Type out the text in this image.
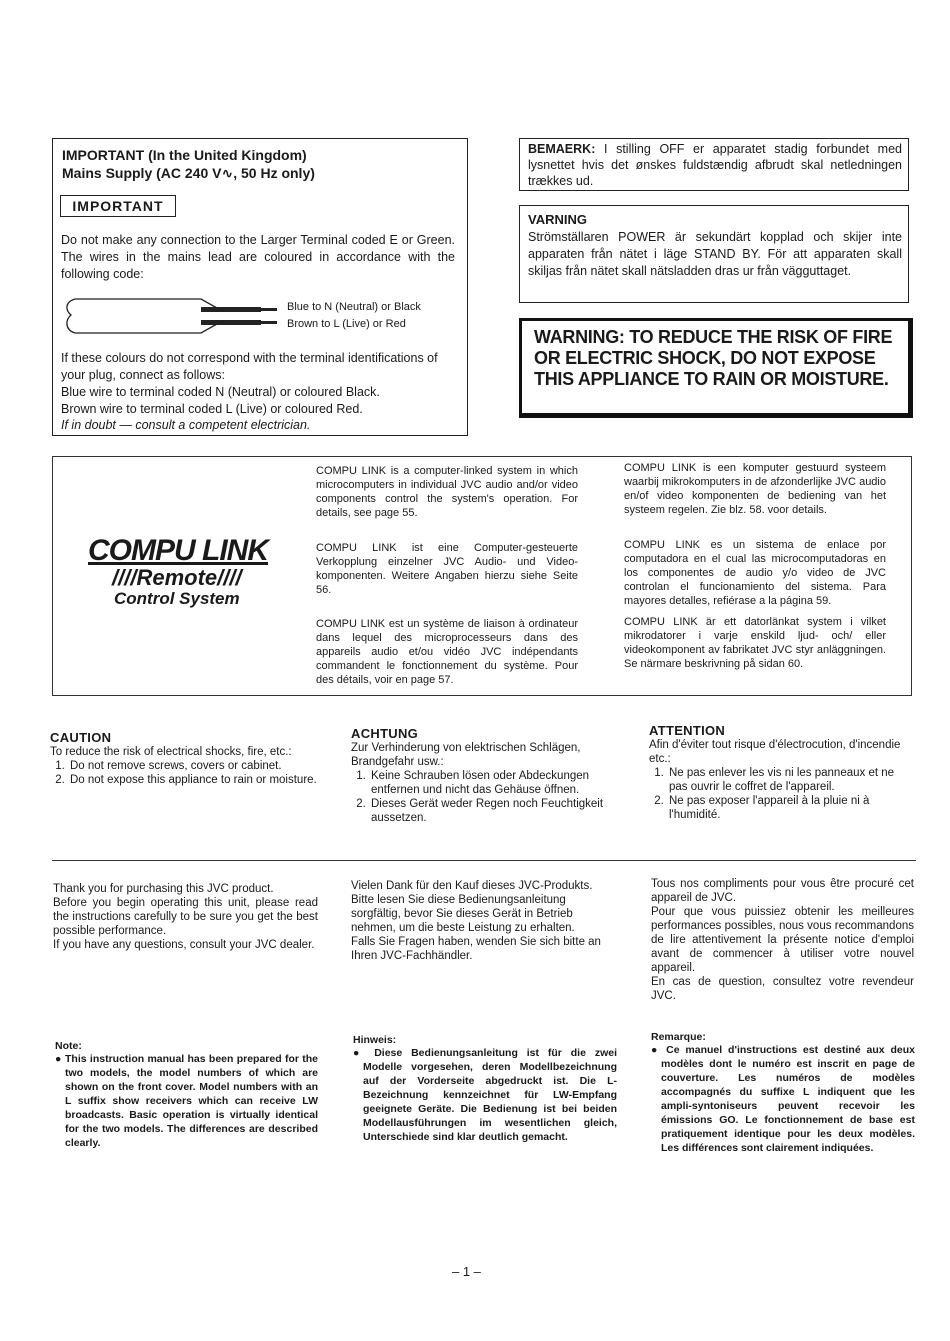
IMPORTANT (In the United Kingdom)
Mains Supply (AC 240 V∿, 50 Hz only)
IMPORTANT

Do not make any connection to the Larger Terminal coded E or Green. The wires in the mains lead are coloured in accordance with the following code:

Blue to N (Neutral) or Black
Brown to L (Live) or Red

If these colours do not correspond with the terminal identifications of your plug, connect as follows:

Blue wire to terminal coded N (Neutral) or coloured Black.

Brown wire to terminal coded L (Live) or coloured Red.

If in doubt — consult a competent electrician.

BEMAERK: I stilling OFF er apparatet stadig forbundet med lysnettet hvis det ønskes fuldstændig afbrudt skal netledningen trækkes ud.

VARNING

Strömställaren POWER är sekundärt kopplad och skijer inte apparaten från nätet i läge STAND BY. För att apparaten skall skiljas från nätet skall nätsladden dras ur från vägguttaget.

WARNING: TO REDUCE THE RISK OF FIRE OR ELECTRIC SHOCK, DO NOT EXPOSE THIS APPLIANCE TO RAIN OR MOISTURE.
COMPU LINK
////Remote////
Control System

COMPU LINK is a computer-linked system in which microcomputers in individual JVC audio and/or video components control the system's operation. For details, see page 55.

COMPU LINK ist eine Computer-gesteuerte Verkopplung einzelner JVC Audio- und Video-komponenten. Weitere Angaben hierzu siehe Seite 56.

COMPU LINK est un système de liaison à ordinateur dans lequel des microprocesseurs dans des appareils audio et/ou vidéo JVC indépendants commandent le fonctionnement du système. Pour des détails, voir en page 57.

COMPU LINK is een komputer gestuurd systeem waarbij mikrokomputers in de afzonderlijke JVC audio en/of video komponenten de bediening van het systeem regelen. Zie blz. 58. voor details.

COMPU LINK es un sistema de enlace por computadora en el cual las microcomputadoras en los componentes de audio y/o video de JVC controlan el funcionamiento del sistema. Para mayores detalles, refiérase a la página 59.

COMPU LINK är ett datorlänkat system i vilket mikrodatorer i varje enskild ljud- och/ eller videokomponent av fabrikatet JVC styr anläggningen. Se närmare beskrivning på sidan 60.

CAUTION

To reduce the risk of electrical shocks, fire, etc.:

1. Do not remove screws, covers or cabinet.
2. Do not expose this appliance to rain or moisture.
ACHTUNG

Zur Verhinderung von elektrischen Schlägen, Brandgefahr usw.:

1. Keine Schrauben lösen oder Abdeckungen entfernen und nicht das Gehäuse öffnen.
2. Dieses Gerät weder Regen noch Feuchtigkeit aussetzen.
ATTENTION

Afin d'éviter tout risque d'électrocution, d'incendie etc.:

1. Ne pas enlever les vis ni les panneaux et ne pas ouvrir le coffret de l'appareil.
2. Ne pas exposer l'appareil à la pluie ni à l'humidité.

Thank you for purchasing this JVC product.

Before you begin operating this unit, please read the instructions carefully to be sure you get the best possible performance.

If you have any questions, consult your JVC dealer.

Vielen Dank für den Kauf dieses JVC-Produkts.

Bitte lesen Sie diese Bedienungsanleitung sorgfältig, bevor Sie dieses Gerät in Betrieb nehmen, um die beste Leistung zu erhalten.

Falls Sie Fragen haben, wenden Sie sich bitte an Ihren JVC-Fachhändler.

Tous nos compliments pour vous être procuré cet appareil de JVC.

Pour que vous puissiez obtenir les meilleures performances possibles, nous vous recommandons de lire attentivement la présente notice d'emploi avant de commencer à utiliser votre nouvel appareil.

En cas de question, consultez votre revendeur JVC.

Note:

● This instruction manual has been prepared for the two models, the model numbers of which are shown on the front cover. Model numbers with an L suffix show receivers which can receive LW broadcasts. Basic operation is virtually identical for the two models. The differences are described clearly.

Hinweis:

● Diese Bedienungsanleitung ist für die zwei Modelle vorgesehen, deren Modellbezeichnung auf der Vorderseite abgedruckt ist. Die L-Bezeichnung kennzeichnet für LW-Empfang geeignete Geräte. Die Bedienung ist bei beiden Modellausführungen im wesentlichen gleich, Unterschiede sind klar deutlich gemacht.

Remarque:

● Ce manuel d'instructions est destiné aux deux modèles dont le numéro est inscrit en page de couverture. Les numéros de modèles accompagnés du suffixe L indiquent que les ampli-syntoniseurs peuvent recevoir les émissions GO. Le fonctionnement de base est pratiquement identique pour les deux modèles. Les différences sont clairement indiquées.

– 1 –
